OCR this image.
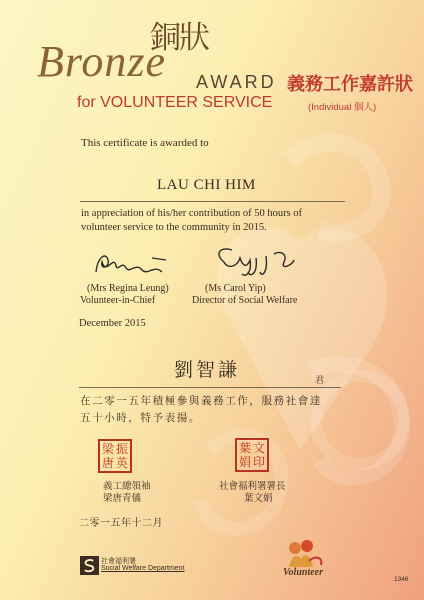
Bronze
銅狀
AWARD 義務工作嘉許狀
for VOLUNTEER SERVICE	(Individual 個人)
This certificate is awarded to
LAU CHI HIM
in appreciation of his/her contribution of 50 hours of
volunteer service to the community in 2015.
(Mrs Regina Leung)
Volunteer-in-Chief
(Ms Carol Yip)
Director of Social Welfare
December 2015
劉智謙	君
在二零一五年積極參與義務工作，服務社會達
五十小時，特予表揚。
梁 振
唐 英
葉 文
娟 印
義工總領袖
梁唐青儀
社會福利署署長
葉文娟
二零一五年十二月
社會福利署
Social Welfare Department	Volunteer
1346
